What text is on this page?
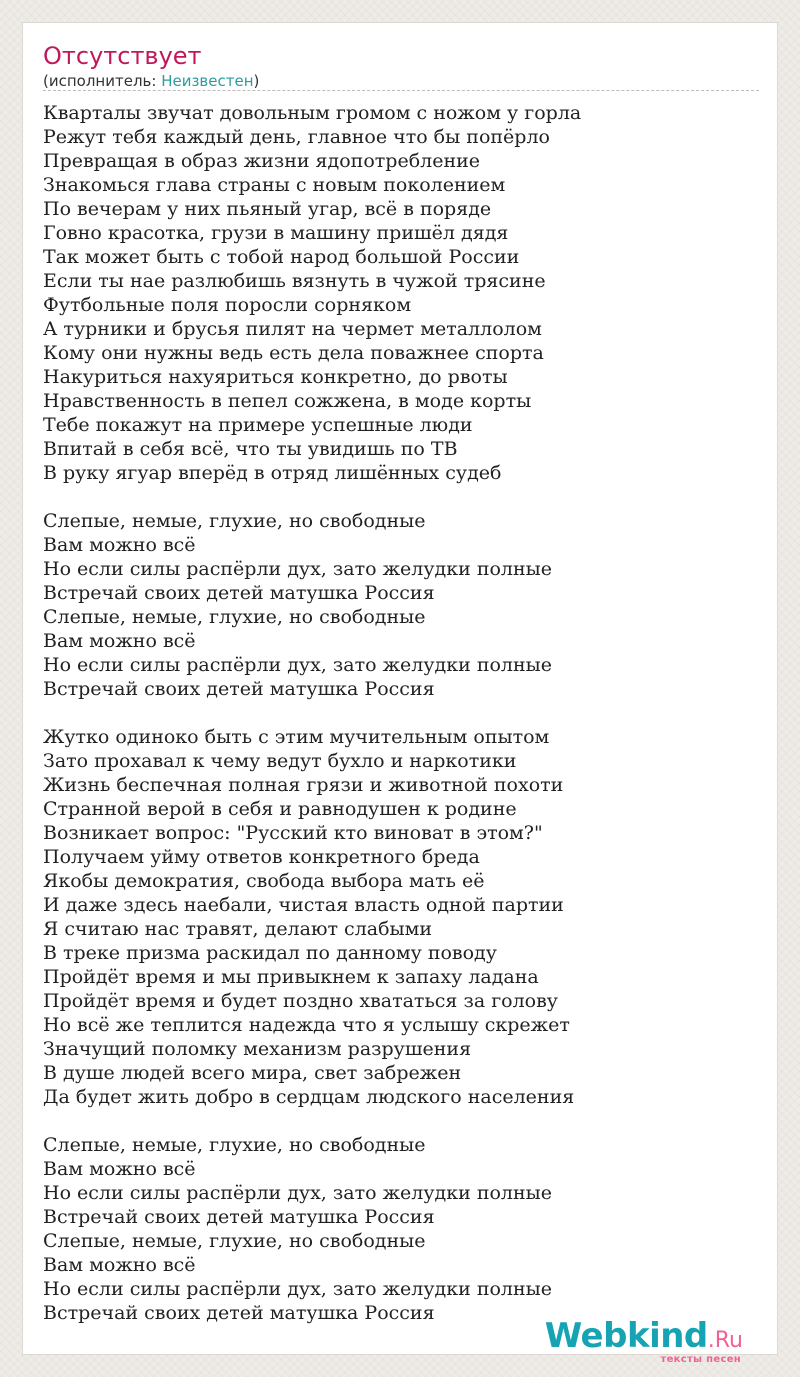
Отсутствует
(исполнитель: Неизвестен)
Кварталы звучат довольным громом с ножом у горла
Режут тебя каждый день, главное что бы попёрло
Превращая в образ жизни ядопотребление
Знакомься глава страны с новым поколением
По вечерам у них пьяный угар, всё в поряде
Говно красотка, грузи в машину пришёл дядя
Так может быть с тобой народ большой России
Если ты нае разлюбишь вязнуть в чужой трясине
Футбольные поля поросли сорняком
А турники и брусья пилят на чермет металлолом
Кому они нужны ведь есть дела поважнее спорта
Накуриться нахуяриться конкретно, до рвоты
Нравственность в пепел сожжена, в моде корты
Тебе покажут на примере успешные люди
Впитай в себя всё, что ты увидишь по ТВ
В руку ягуар вперёд в отряд лишённых судеб
Слепые, немые, глухие, но свободные
Вам можно всё
Но если силы распёрли дух, зато желудки полные
Встречай своих детей матушка Россия
Слепые, немые, глухие, но свободные
Вам можно всё
Но если силы распёрли дух, зато желудки полные
Встречай своих детей матушка Россия
Жутко одиноко быть с этим мучительным опытом
Зато прохавал к чему ведут бухло и наркотики
Жизнь беспечная полная грязи и животной похоти
Странной верой в себя и равнодушен к родине
Возникает вопрос: "Русский кто виноват в этом?"
Получаем уйму ответов конкретного бреда
Якобы демократия, свобода выбора мать её
И даже здесь наебали, чистая власть одной партии
Я считаю нас травят, делают слабыми
В треке призма раскидал по данному поводу
Пройдёт время и мы привыкнем к запаху ладана
Пройдёт время и будет поздно хвататься за голову
Но всё же теплится надежда что я услышу скрежет
Значущий поломку механизм разрушения
В душе людей всего мира, свет забрежен
Да будет жить добро в сердцам людского населения
Слепые, немые, глухие, но свободные
Вам можно всё
Но если силы распёрли дух, зато желудки полные
Встречай своих детей матушка Россия
Слепые, немые, глухие, но свободные
Вам можно всё
Но если силы распёрли дух, зато желудки полные
Встречай своих детей матушка Россия
Webkind.Ru
тексты песен
